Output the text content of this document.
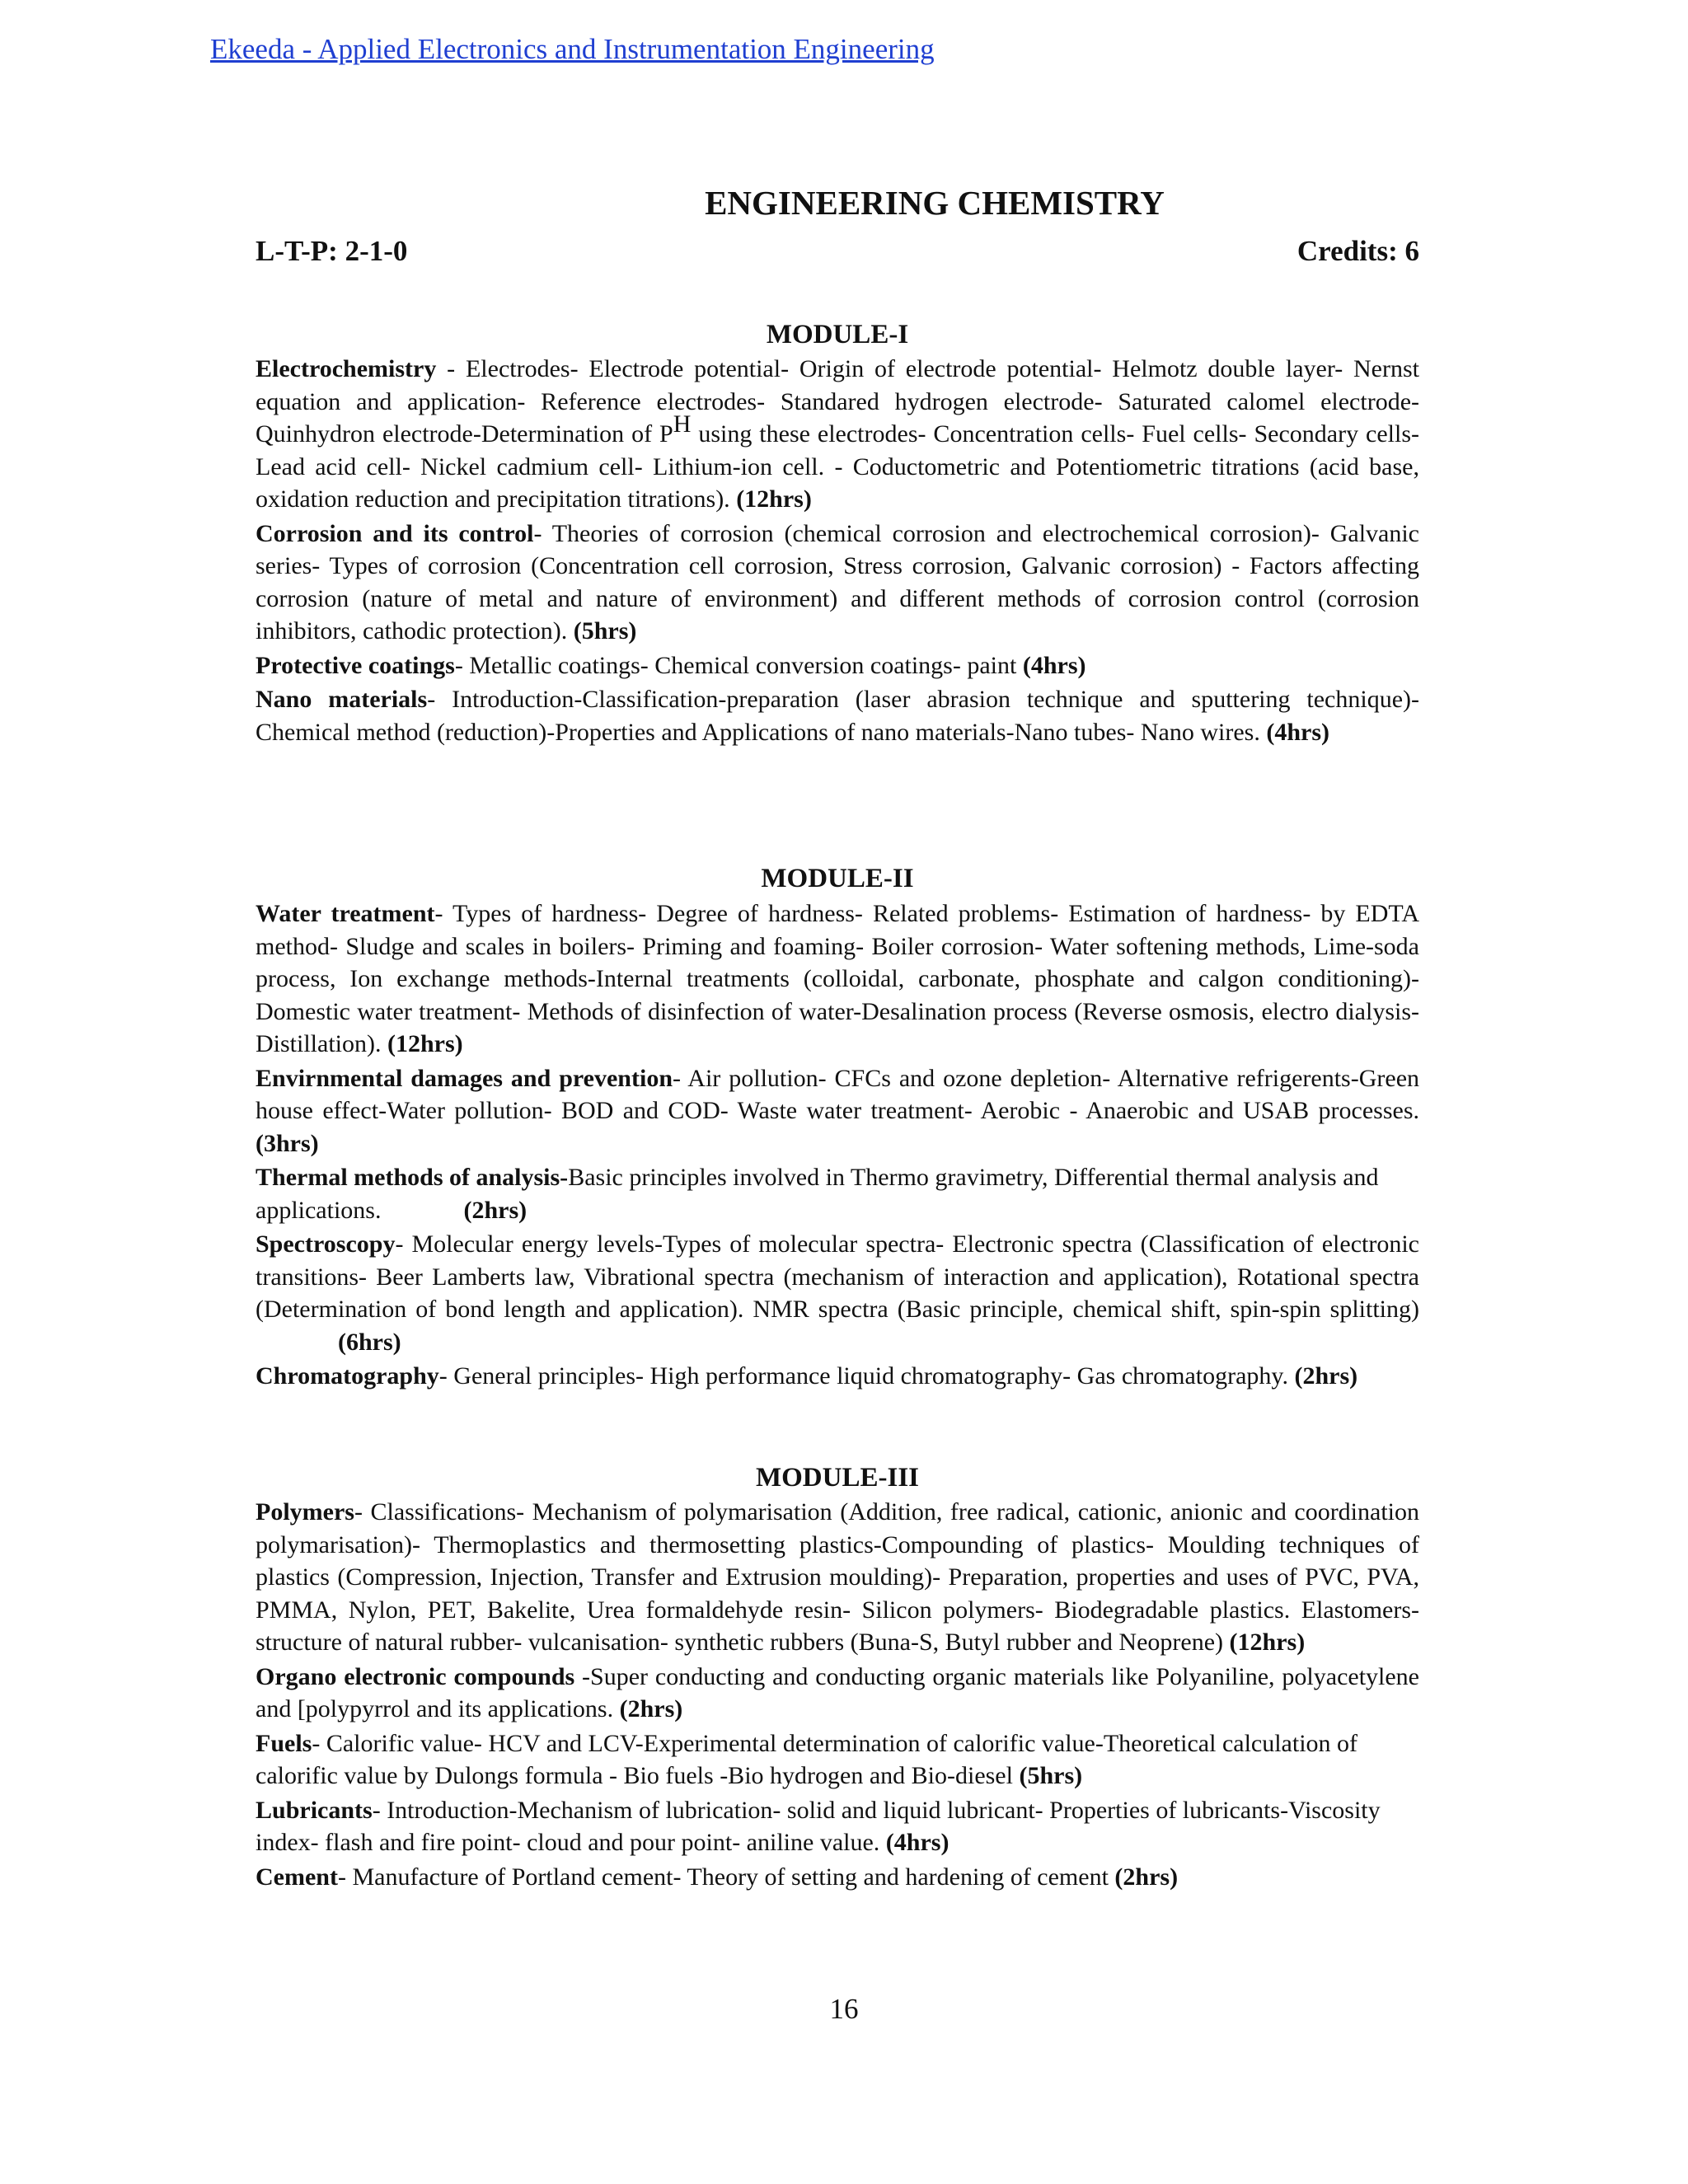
Ekeeda - Applied Electronics and Instrumentation Engineering
ENGINEERING CHEMISTRY
L-T-P: 2-1-0	Credits: 6
MODULE-I

Electrochemistry - Electrodes- Electrode potential- Origin of electrode potential- Helmotz double layer- Nernst equation and application- Reference electrodes- Standared hydrogen electrode- Saturated calomel electrode- Quinhydron electrode-Determination of $P^H$ using these electrodes- Concentration cells- Fuel cells- Secondary cells- Lead acid cell- Nickel cadmium cell- Lithium-ion cell. - Coductometric and Potentiometric titrations (acid base, oxidation reduction and precipitation titrations). (12hrs)

Corrosion and its control- Theories of corrosion (chemical corrosion and electrochemical corrosion)- Galvanic series- Types of corrosion (Concentration cell corrosion, Stress corrosion, Galvanic corrosion) - Factors affecting corrosion (nature of metal and nature of environment) and different methods of corrosion control (corrosion inhibitors, cathodic protection). (5hrs)

Protective coatings- Metallic coatings- Chemical conversion coatings- paint (4hrs)

Nano materials- Introduction-Classification-preparation (laser abrasion technique and sputtering technique)- Chemical method (reduction)-Properties and Applications of nano materials-Nano tubes- Nano wires. (4hrs)

MODULE-II

Water treatment- Types of hardness- Degree of hardness- Related problems- Estimation of hardness- by EDTA method- Sludge and scales in boilers- Priming and foaming- Boiler corrosion- Water softening methods, Lime-soda process, Ion exchange methods-Internal treatments (colloidal, carbonate, phosphate and calgon conditioning)- Domestic water treatment- Methods of disinfection of water-Desalination process (Reverse osmosis, electro dialysis- Distillation). (12hrs)

Envirnmental damages and prevention- Air pollution- CFCs and ozone depletion- Alternative refrigerents-Green house effect-Water pollution- BOD and COD- Waste water treatment- Aerobic - Anaerobic and USAB processes. (3hrs)

Thermal methods of analysis-Basic principles involved in Thermo gravimetry, Differential thermal analysis and applications.	(2hrs)

Spectroscopy- Molecular energy levels-Types of molecular spectra- Electronic spectra (Classification of electronic transitions- Beer Lamberts law, Vibrational spectra (mechanism of interaction and application), Rotational spectra (Determination of bond length and application). NMR spectra (Basic principle, chemical shift, spin-spin splitting)(6hrs)

Chromatography- General principles- High performance liquid chromatography- Gas chromatography. (2hrs)

MODULE-III

Polymers- Classifications- Mechanism of polymarisation (Addition, free radical, cationic, anionic and coordination polymarisation)- Thermoplastics and thermosetting plastics-Compounding of plastics- Moulding techniques of plastics (Compression, Injection, Transfer and Extrusion moulding)- Preparation, properties and uses of PVC, PVA, PMMA, Nylon, PET, Bakelite, Urea formaldehyde resin- Silicon polymers- Biodegradable plastics. Elastomers- structure of natural rubber- vulcanisation- synthetic rubbers (Buna-S, Butyl rubber and Neoprene) (12hrs)

Organo electronic compounds -Super conducting and conducting organic materials like Polyaniline, polyacetylene and [polypyrrol and its applications. (2hrs)

Fuels- Calorific value- HCV and LCV-Experimental determination of calorific value-Theoretical calculation of calorific value by Dulongs formula - Bio fuels -Bio hydrogen and Bio-diesel (5hrs)

Lubricants- Introduction-Mechanism of lubrication- solid and liquid lubricant- Properties of lubricants-Viscosity index- flash and fire point- cloud and pour point- aniline value. (4hrs)

Cement- Manufacture of Portland cement- Theory of setting and hardening of cement (2hrs)

16
